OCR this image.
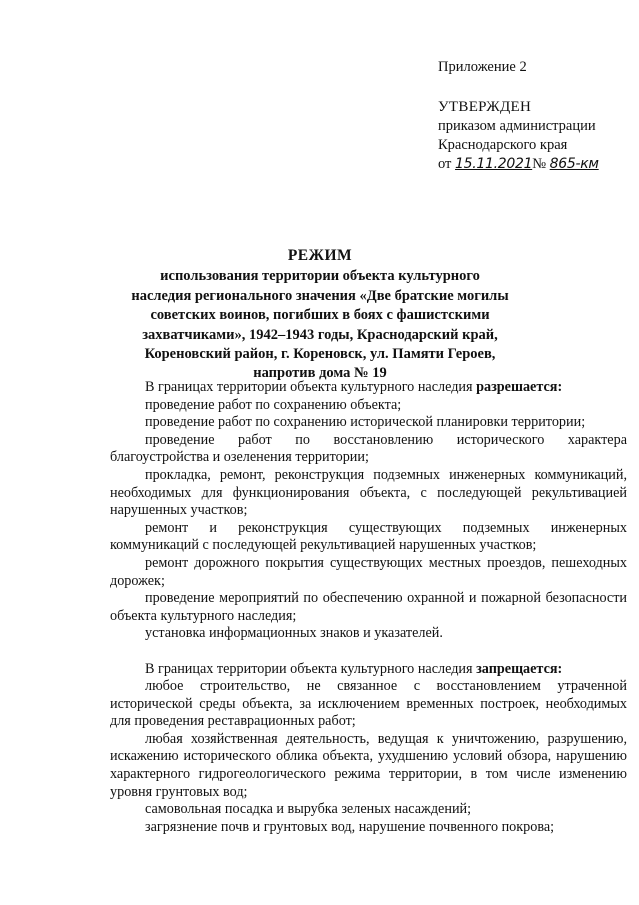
Приложение 2
УТВЕРЖДЕН
приказом администрации
Краснодарского края
от 15.11.2021№ 865-км
РЕЖИМ
использования территории объекта культурного
наследия регионального значения «Две братские могилы
советских воинов, погибших в боях с фашистскими
захватчиками», 1942–1943 годы, Краснодарский край,
Кореновский район, г. Кореновск, ул. Памяти Героев,
напротив дома № 19

В границах территории объекта культурного наследия разрешается:

проведение работ по сохранению объекта;

проведение работ по сохранению исторической планировки территории;

проведение работ по восстановлению исторического характера благоустройства и озеленения территории;

прокладка, ремонт, реконструкция подземных инженерных коммуникаций, необходимых для функционирования объекта, с последующей рекультивацией нарушенных участков;

ремонт и реконструкция существующих подземных инженерных коммуникаций с последующей рекультивацией нарушенных участков;

ремонт дорожного покрытия существующих местных проездов, пешеходных дорожек;

проведение мероприятий по обеспечению охранной и пожарной безопасности объекта культурного наследия;

установка информационных знаков и указателей.

В границах территории объекта культурного наследия запрещается:

любое строительство, не связанное с восстановлением утраченной исторической среды объекта, за исключением временных построек, необходимых для проведения реставрационных работ;

любая хозяйственная деятельность, ведущая к уничтожению, разрушению, искажению исторического облика объекта, ухудшению условий обзора, нарушению характерного гидрогеологического режима территории, в том числе изменению уровня грунтовых вод;

самовольная посадка и вырубка зеленых насаждений;

загрязнение почв и грунтовых вод, нарушение почвенного покрова;
